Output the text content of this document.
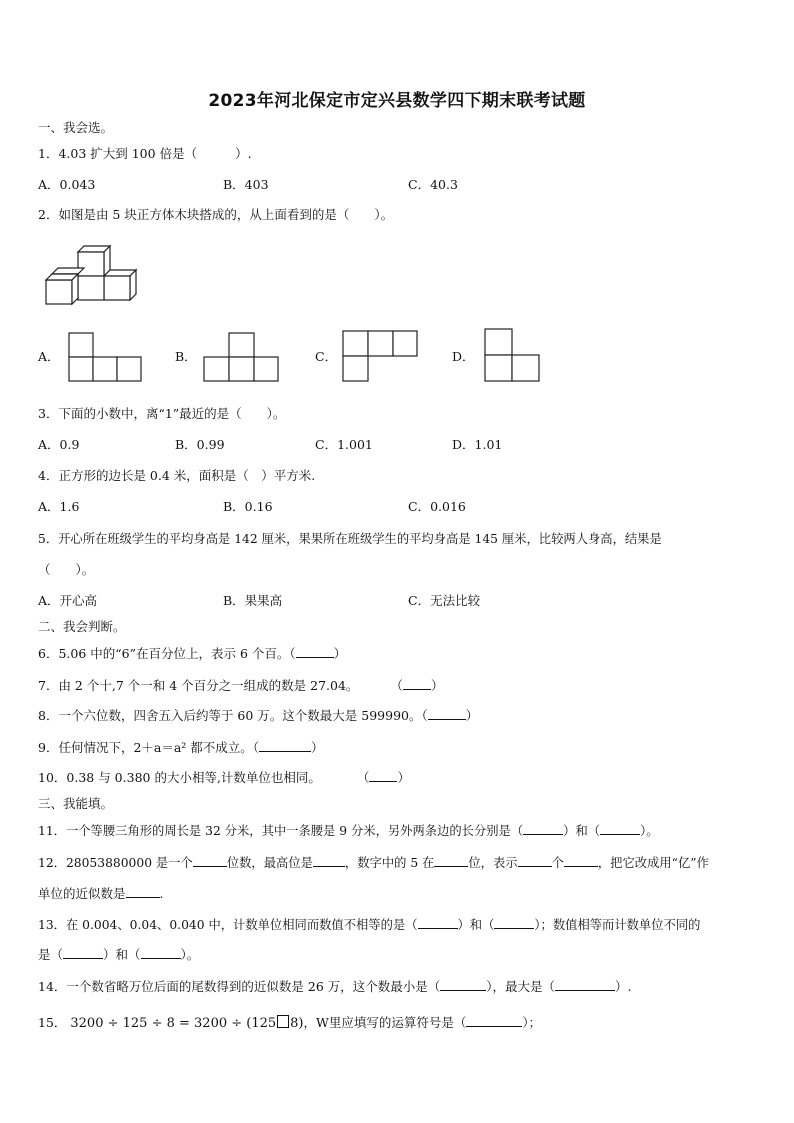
2023年河北保定市定兴县数学四下期末联考试题
一、我会选。
1．4.03 扩大到 100 倍是（	）.
A．0.043	B．403	C．40.3
2．如图是由 5 块正方体木块搭成的，从上面看到的是（　　）。
A．	B．	C．	D．
3．下面的小数中，离“1”最近的是（　　）。
A．0.9	B．0.99	C．1.001	D．1.01
4．正方形的边长是 0.4 米，面积是（　）平方米.
A．1.6	B．0.16	C．0.016
5．开心所在班级学生的平均身高是 142 厘米，果果所在班级学生的平均身高是 145 厘米，比较两人身高，结果是
（　　）。
A．开心高	B．果果高	C．无法比较
二、我会判断。
6．5.06 中的“6”在百分位上，表示 6 个百。（	）
7．由 2 个十,7 个一和 4 个百分之一组成的数是 27.04。	（ ）
8．一个六位数，四舍五入后约等于 60 万。这个数最大是 599990。（	）
9．任何情况下，2＋a＝a² 都不成立。（	）
10．0.38 与 0.380 的大小相等,计数单位也相同。	（ ）
三、我能填。
11．一个等腰三角形的周长是 32 分米，其中一条腰是 9 分米，另外两条边的长分别是（	）和（	）。
12．28053880000 是一个	位数，最高位是	，数字中的 5 在	位，表示	个	，把它改成用“亿”作
单位的近似数是	.
13．在 0.004、0.04、0.040 中，计数单位相同而数值不相等的是（	）和（	）；数值相等而计数单位不同的
是（	）和（	）。
14．一个数省略万位后面的尾数得到的近似数是 26 万，这个数最小是（	），最大是（	）.
15． 3200 ÷ 125 ÷ 8 = 3200 ÷ (125 8)，W里应填写的运算符号是（	）；
